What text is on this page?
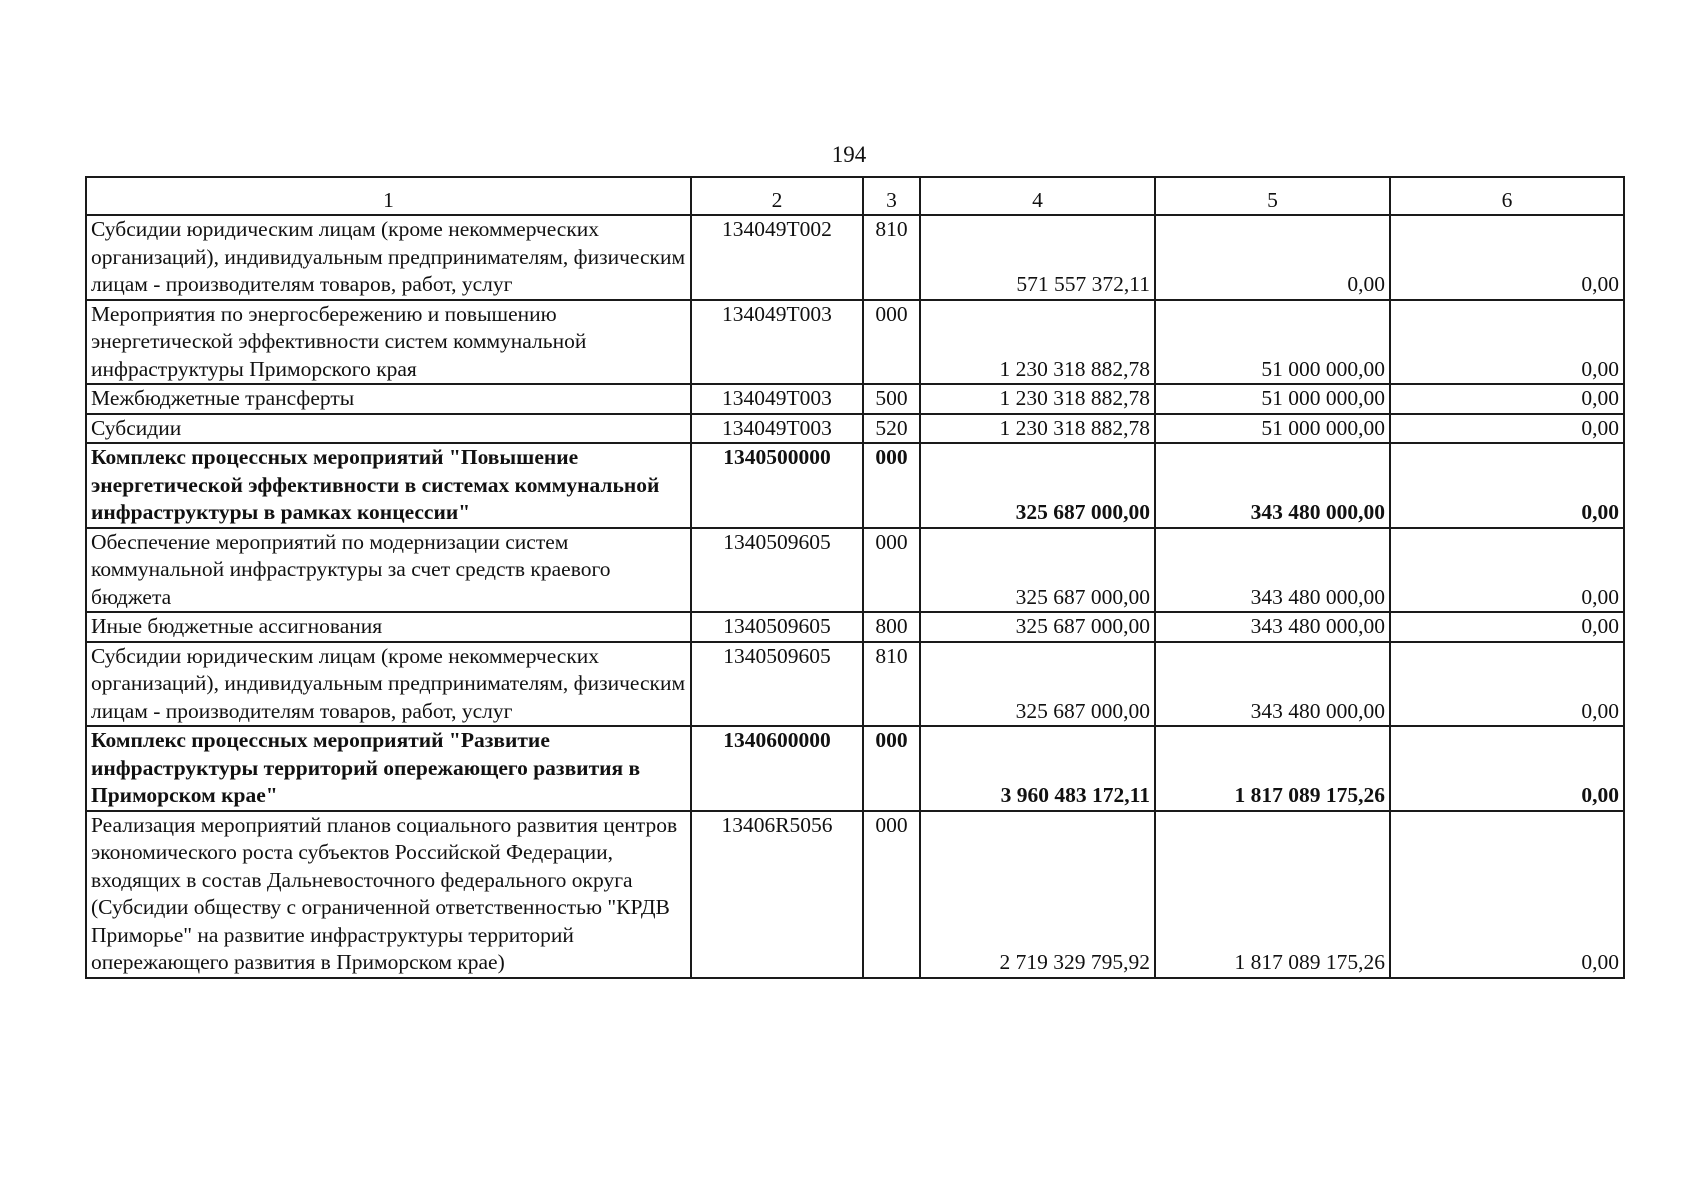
194
1	2	3	4	5	6
Субсидии юридическим лицам (кроме некоммерческих организаций), индивидуальным предпринимателям, физическим лицам - производителям товаров, работ, услуг	134049Т002	810	571 557 372,11	0,00	0,00
Мероприятия по энергосбережению и повышению энергетической эффективности систем коммунальной инфраструктуры Приморского края	134049Т003	000	1 230 318 882,78	51 000 000,00	0,00
Межбюджетные трансферты	134049Т003	500	1 230 318 882,78	51 000 000,00	0,00
Субсидии	134049Т003	520	1 230 318 882,78	51 000 000,00	0,00
Комплекс процессных мероприятий "Повышение энергетической эффективности в системах коммунальной инфраструктуры в рамках концессии"	1340500000	000	325 687 000,00	343 480 000,00	0,00
Обеспечение мероприятий по модернизации систем коммунальной инфраструктуры за счет средств краевого бюджета	1340509605	000	325 687 000,00	343 480 000,00	0,00
Иные бюджетные ассигнования	1340509605	800	325 687 000,00	343 480 000,00	0,00
Субсидии юридическим лицам (кроме некоммерческих организаций), индивидуальным предпринимателям, физическим лицам - производителям товаров, работ, услуг	1340509605	810	325 687 000,00	343 480 000,00	0,00
Комплекс процессных мероприятий "Развитие инфраструктуры территорий опережающего развития в Приморском крае"	1340600000	000	3 960 483 172,11	1 817 089 175,26	0,00
Реализация мероприятий планов социального развития центров экономического роста субъектов Российской Федерации, входящих в состав Дальневосточного федерального округа (Субсидии обществу с ограниченной ответственностью "КРДВ Приморье" на развитие инфраструктуры территорий опережающего развития в Приморском крае)	13406R5056	000	2 719 329 795,92	1 817 089 175,26	0,00
